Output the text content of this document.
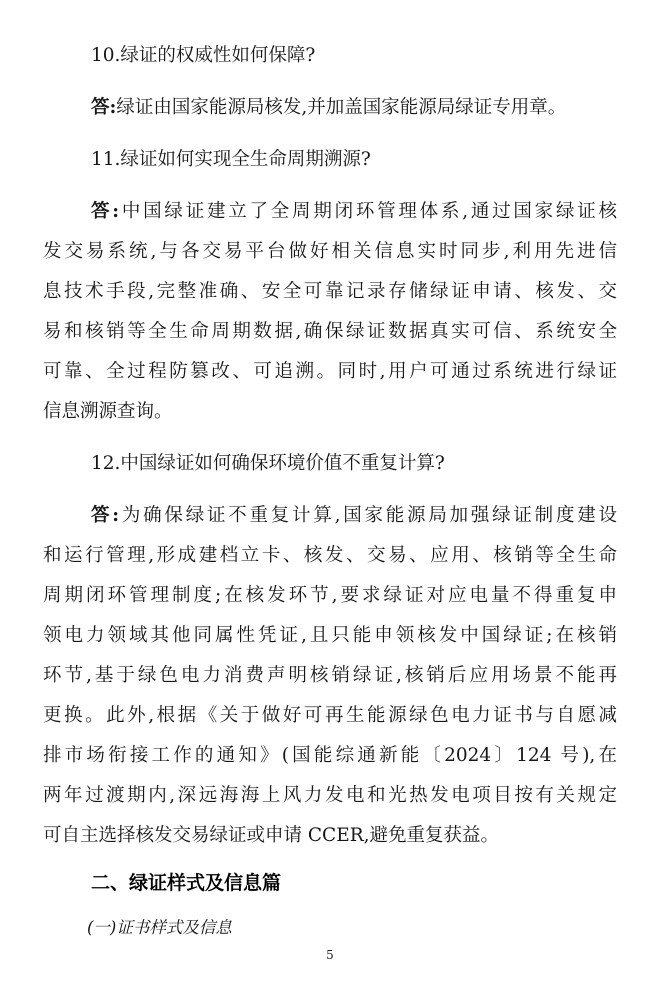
10.绿证的权威性如何保障?
答:绿证由国家能源局核发,并加盖国家能源局绿证专用章。
11.绿证如何实现全生命周期溯源?
答:中国绿证建立了全周期闭环管理体系,通过国家绿证核
发交易系统,与各交易平台做好相关信息实时同步,利用先进信
息技术手段,完整准确、安全可靠记录存储绿证申请、核发、交
易和核销等全生命周期数据,确保绿证数据真实可信、系统安全
可靠、全过程防篡改、可追溯。同时,用户可通过系统进行绿证
信息溯源查询。
12.中国绿证如何确保环境价值不重复计算?
答:为确保绿证不重复计算,国家能源局加强绿证制度建设
和运行管理,形成建档立卡、核发、交易、应用、核销等全生命
周期闭环管理制度;在核发环节,要求绿证对应电量不得重复申
领电力领域其他同属性凭证,且只能申领核发中国绿证;在核销
环节,基于绿色电力消费声明核销绿证,核销后应用场景不能再
更换。此外,根据《关于做好可再生能源绿色电力证书与自愿减
排市场衔接工作的通知》(国能综通新能〔2024〕124 号),在
两年过渡期内,深远海海上风力发电和光热发电项目按有关规定
可自主选择核发交易绿证或申请 CCER,避免重复获益。
二、绿证样式及信息篇
(一)证书样式及信息
5
